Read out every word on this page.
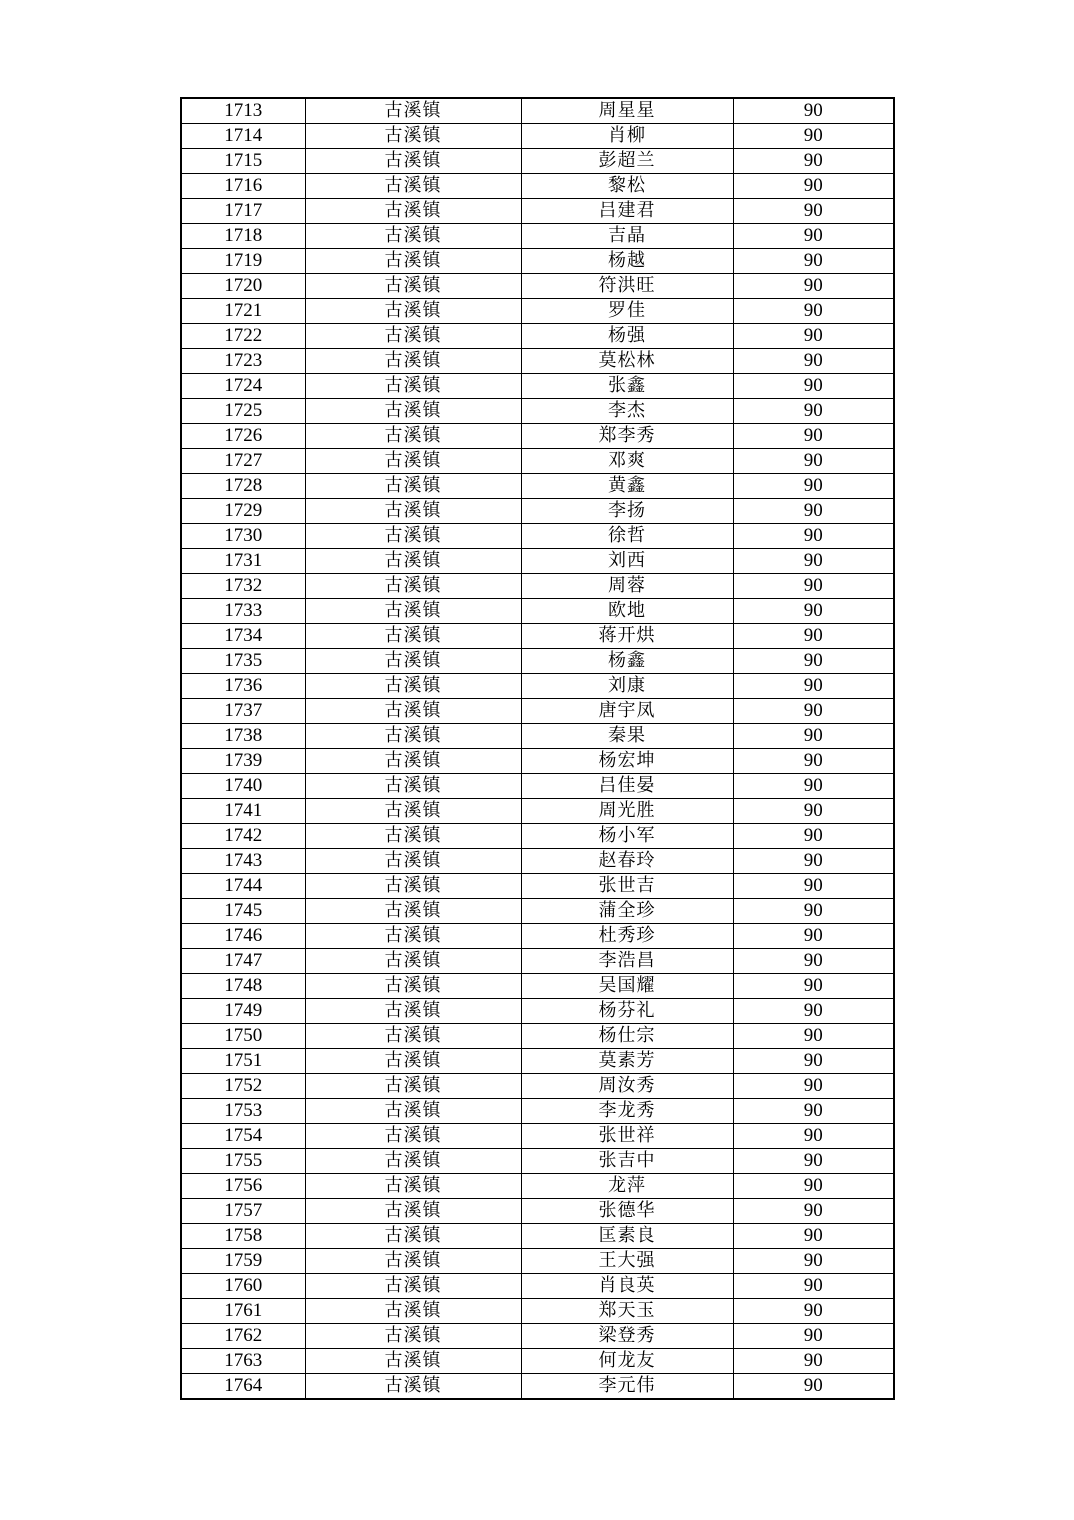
1713	古溪镇	周星星	90
1714	古溪镇	肖柳	90
1715	古溪镇	彭超兰	90
1716	古溪镇	黎松	90
1717	古溪镇	吕建君	90
1718	古溪镇	吉晶	90
1719	古溪镇	杨越	90
1720	古溪镇	符洪旺	90
1721	古溪镇	罗佳	90
1722	古溪镇	杨强	90
1723	古溪镇	莫松林	90
1724	古溪镇	张鑫	90
1725	古溪镇	李杰	90
1726	古溪镇	郑李秀	90
1727	古溪镇	邓爽	90
1728	古溪镇	黄鑫	90
1729	古溪镇	李扬	90
1730	古溪镇	徐哲	90
1731	古溪镇	刘西	90
1732	古溪镇	周蓉	90
1733	古溪镇	欧地	90
1734	古溪镇	蒋开烘	90
1735	古溪镇	杨鑫	90
1736	古溪镇	刘康	90
1737	古溪镇	唐宇凤	90
1738	古溪镇	秦果	90
1739	古溪镇	杨宏坤	90
1740	古溪镇	吕佳晏	90
1741	古溪镇	周光胜	90
1742	古溪镇	杨小军	90
1743	古溪镇	赵春玲	90
1744	古溪镇	张世吉	90
1745	古溪镇	蒲全珍	90
1746	古溪镇	杜秀珍	90
1747	古溪镇	李浩昌	90
1748	古溪镇	吴国耀	90
1749	古溪镇	杨芬礼	90
1750	古溪镇	杨仕宗	90
1751	古溪镇	莫素芳	90
1752	古溪镇	周汝秀	90
1753	古溪镇	李龙秀	90
1754	古溪镇	张世祥	90
1755	古溪镇	张吉中	90
1756	古溪镇	龙萍	90
1757	古溪镇	张德华	90
1758	古溪镇	匡素良	90
1759	古溪镇	王大强	90
1760	古溪镇	肖良英	90
1761	古溪镇	郑天玉	90
1762	古溪镇	梁登秀	90
1763	古溪镇	何龙友	90
1764	古溪镇	李元伟	90
